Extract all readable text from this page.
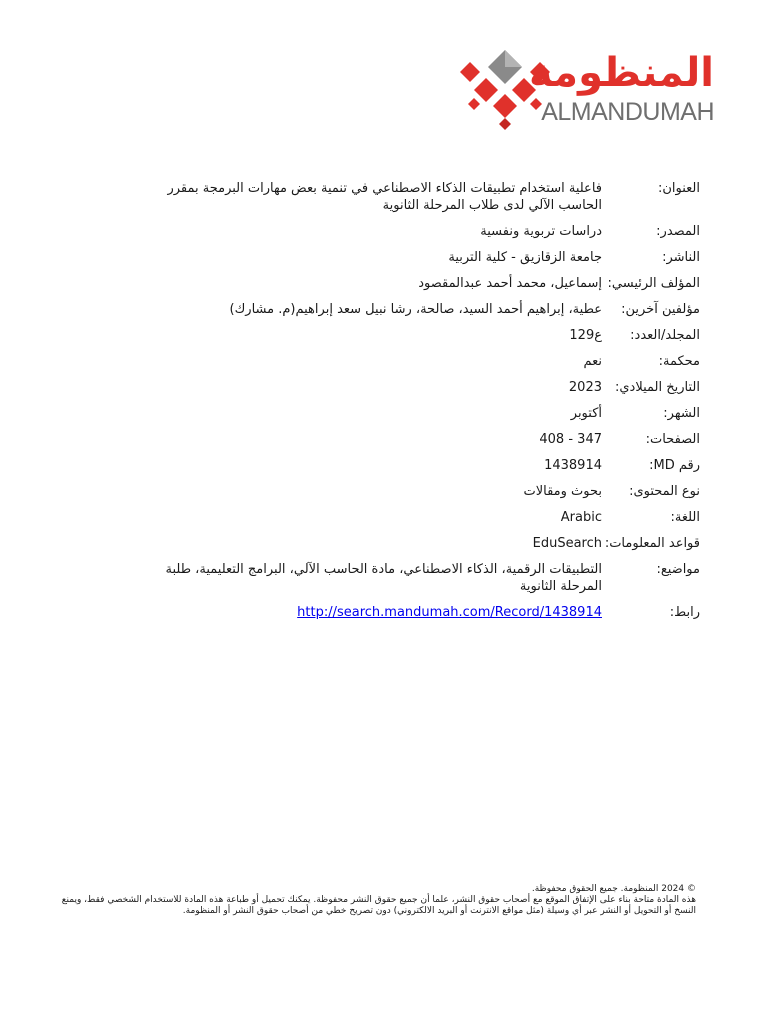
المنظومة
ALMANDUMAH
العنوان:
فاعلية استخدام تطبيقات الذكاء الاصطناعي في تنمية بعض مهارات البرمجة بمقرر الحاسب الآلي لدى طلاب المرحلة الثانوية
المصدر:
دراسات تربوية ونفسية
الناشر:
جامعة الزقازيق - كلية التربية
المؤلف الرئيسي:
إسماعيل، محمد أحمد عبدالمقصود
مؤلفين آخرين:
عطية، إبراهيم أحمد السيد، صالحة، رشا نبيل سعد إبراهيم(م. مشارك)
المجلد/العدد:
ع129
محكمة:
نعم
التاريخ الميلادي:
2023
الشهر:
أكتوبر
الصفحات:
347 - 408
رقم MD:
1438914
نوع المحتوى:
بحوث ومقالات
اللغة:
Arabic
قواعد المعلومات:
EduSearch
مواضيع:
التطبيقات الرقمية، الذكاء الاصطناعي، مادة الحاسب الآلي، البرامج التعليمية، طلبة المرحلة الثانوية
رابط:
http://search.mandumah.com/Record/1438914

© 2024 المنظومة. جميع الحقوق محفوظة.

هذه المادة متاحة بناء على الإتفاق الموقع مع أصحاب حقوق النشر، علما أن جميع حقوق النشر محفوظة. يمكنك تحميل أو طباعة هذه المادة للاستخدام الشخصي فقط، ويمنع النسخ أو التحويل أو النشر عبر أي وسيلة (مثل مواقع الانترنت أو البريد الالكتروني) دون تصريح خطي من أصحاب حقوق النشر أو المنظومة.
